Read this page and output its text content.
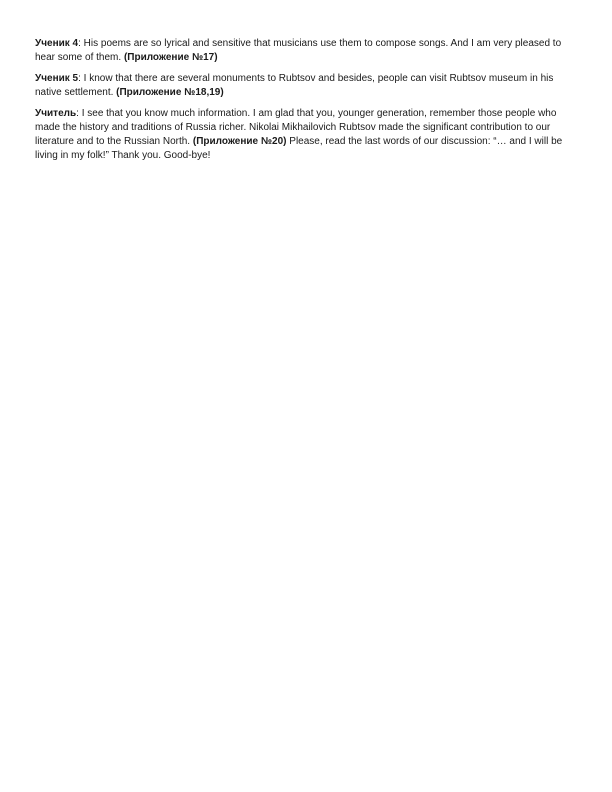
Ученик 4: His poems are so lyrical and sensitive that musicians use them to compose songs. And I am very pleased to hear some of them. (Приложение №17)

Ученик 5: I know that there are several monuments to Rubtsov and besides, people can visit Rubtsov museum in his native settlement. (Приложение №18,19)

Учитель: I see that you know much information. I am glad that you, younger generation, remember those people who made the history and traditions of Russia richer. Nikolai Mikhailovich Rubtsov made the significant contribution to our literature and to the Russian North. (Приложение №20) Please, read the last words of our discussion: “… and I will be living in my folk!” Thank you. Good-bye!
